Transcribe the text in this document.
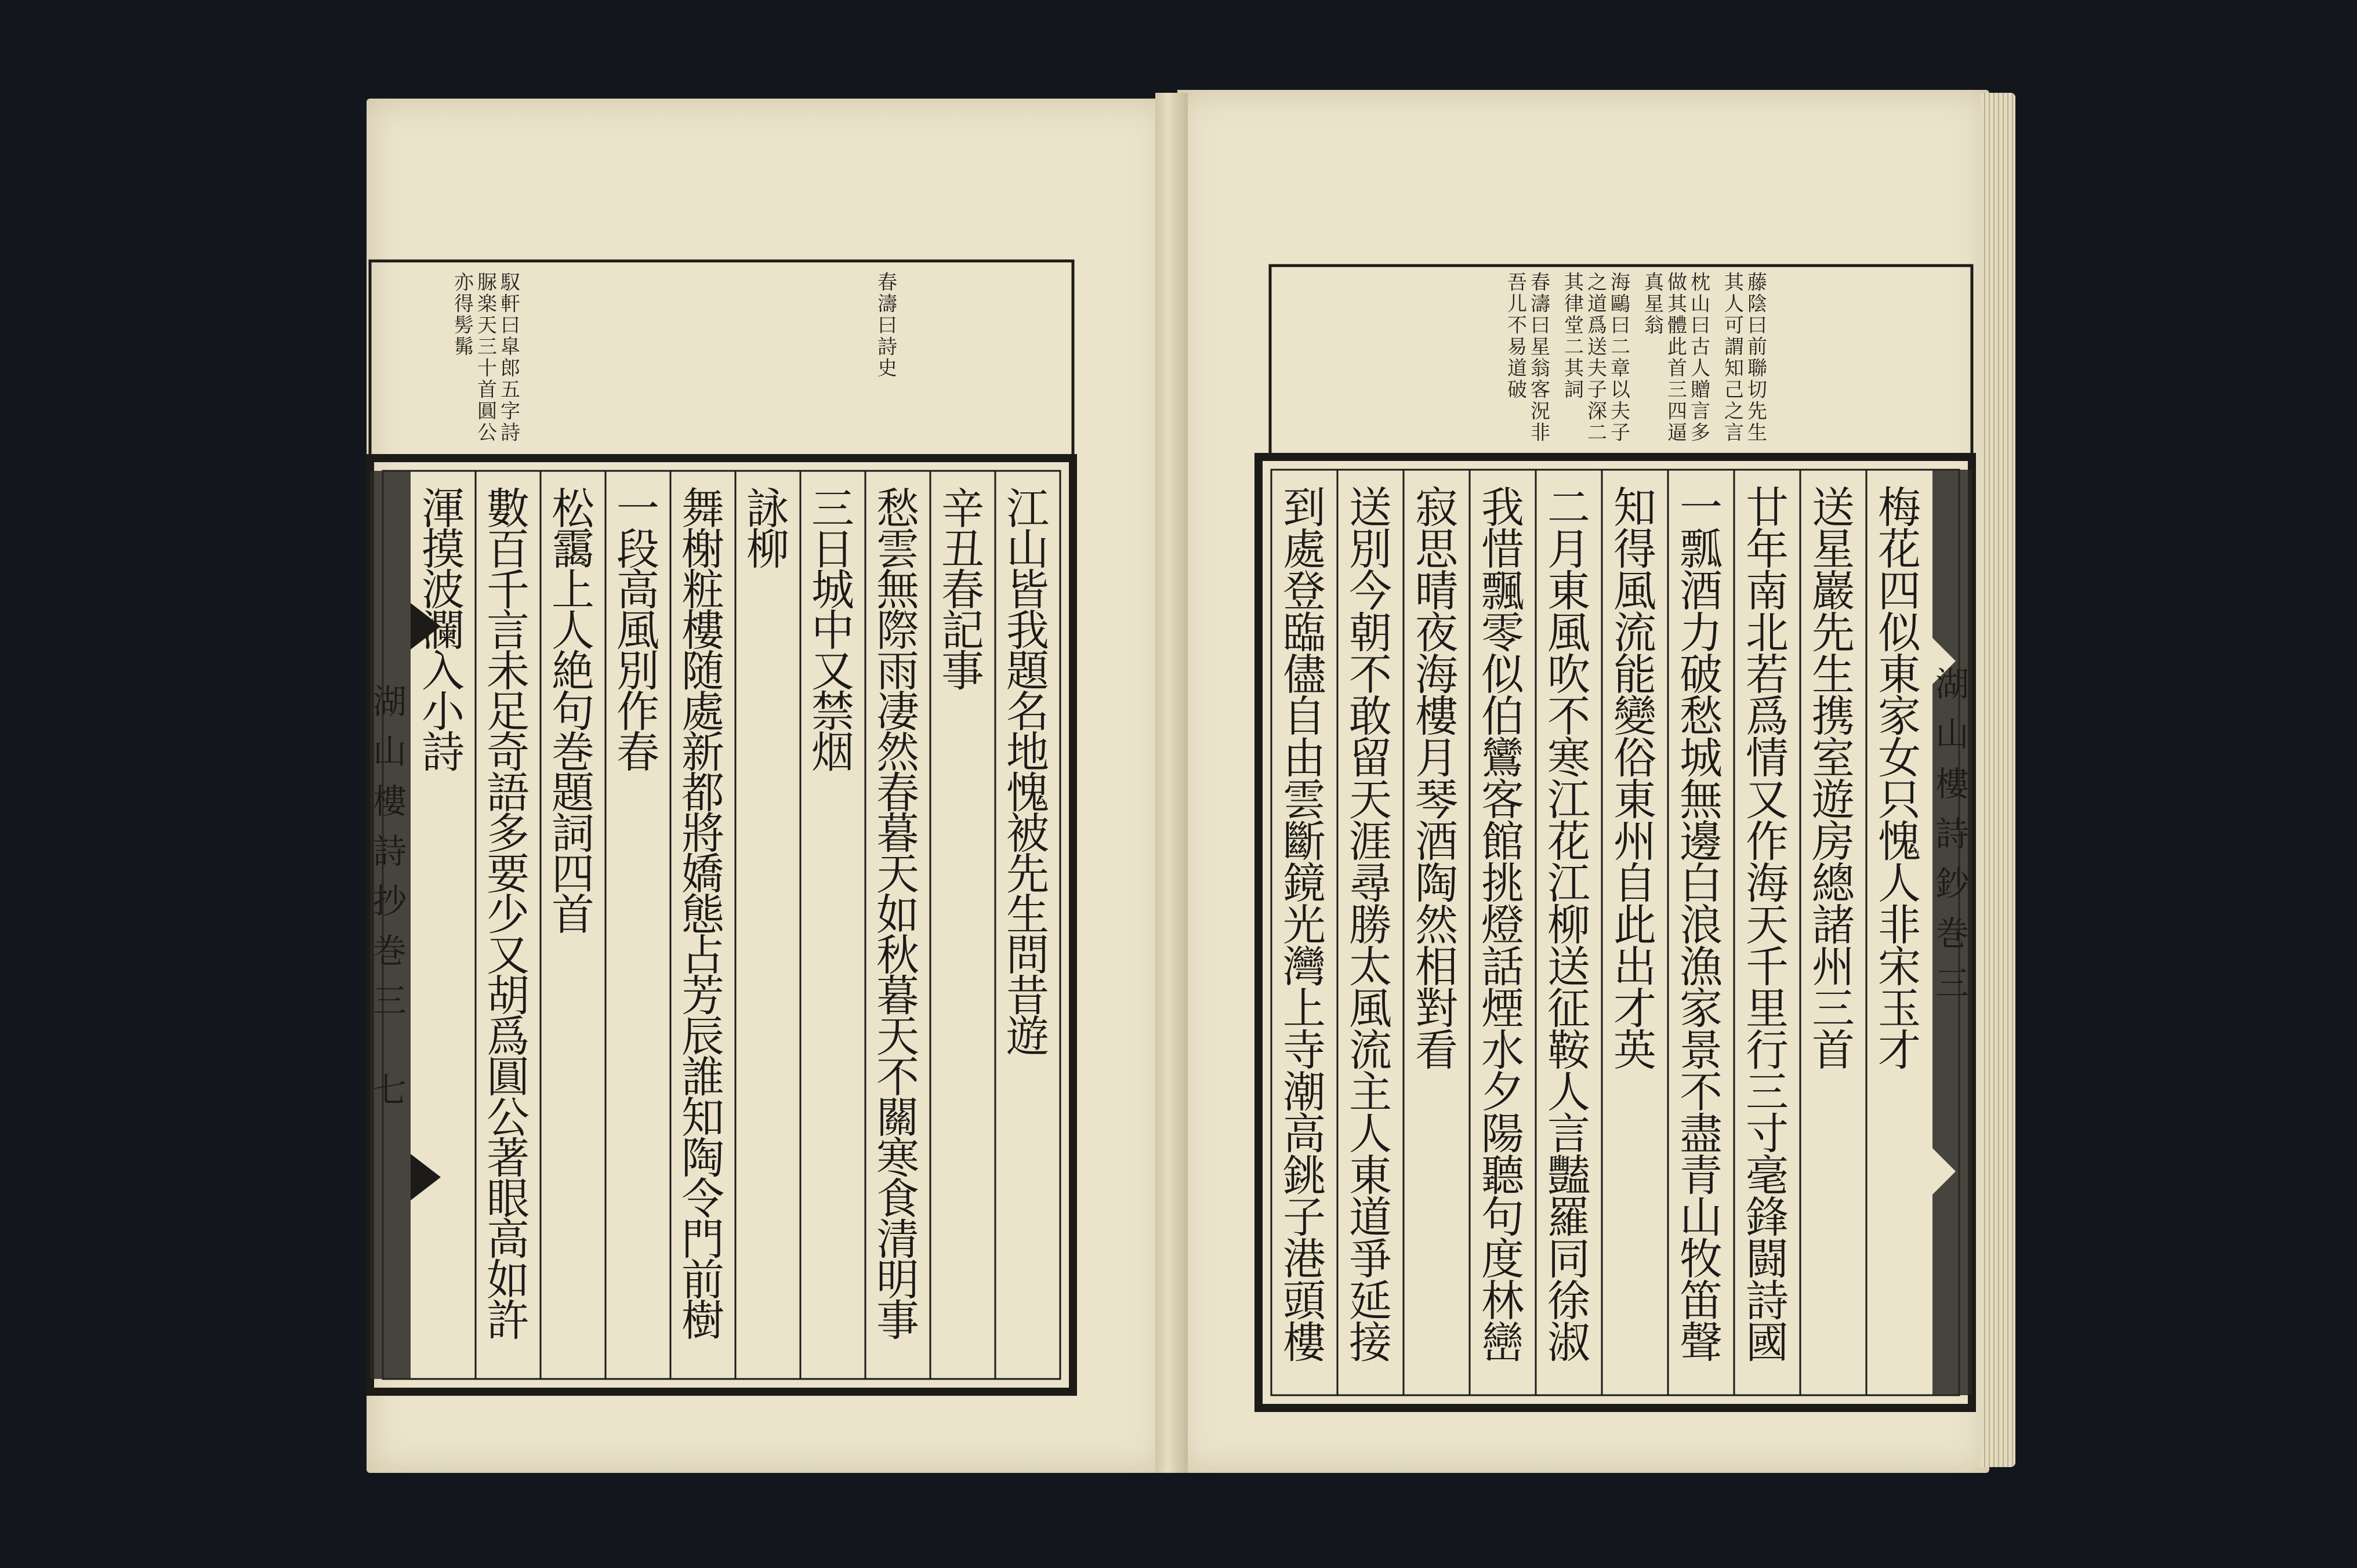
江
山
皆
我
題
名
地
愧
被
先
生
問
昔
遊
辛
丑
春
記
事
愁
雲
無
際
雨
凄
然
春
暮
天
如
秋
暮
天
不
關
寒
食
清
明
事
三
日
城
中
又
禁
烟
詠
柳
舞
榭
粧
樓
随
處
新
都
將
嬌
態
占
芳
辰
誰
知
陶
令
門
前
樹
一
段
高
風
別
作
春
松
靄
上
人
絶
句
巻
題
詞
四
首
數
百
千
言
未
足
奇
語
多
要
少
又
胡
爲
圓
公
著
眼
高
如
許
渾
摸
波
瀾
入
小
詩
馭
軒
曰
皐
郎
五
字
詩
脲
楽
天
三
十
首
圓
公
亦
得
髣
髴
春
濤
曰
詩
史
梅
花
四
似
東
家
女
只
愧
人
非
宋
玉
才
送
星
巖
先
生
携
室
遊
房
總
諸
州
三
首
廿
年
南
北
若
爲
情
又
作
海
天
千
里
行
三
寸
毫
鋒
闘
詩
國
一
瓢
酒
力
破
愁
城
無
邊
白
浪
漁
家
景
不
盡
青
山
牧
笛
聲
知
得
風
流
能
變
俗
東
州
自
此
出
才
英
二
月
東
風
吹
不
寒
江
花
江
柳
送
征
鞍
人
言
豔
羅
同
徐
淑
我
惜
飄
零
似
伯
鸞
客
館
挑
燈
話
煙
水
夕
陽
聽
句
度
林
巒
寂
思
晴
夜
海
樓
月
琴
酒
陶
然
相
對
看
送
別
今
朝
不
敢
留
天
涯
尋
勝
太
風
流
主
人
東
道
爭
延
接
到
處
登
臨
儘
自
由
雲
斷
鏡
光
灣
上
寺
潮
高
銚
子
港
頭
樓
藤
陰
曰
前
聯
切
先
生
其
人
可
謂
知
己
之
言
枕
山
曰
古
人
贈
言
多
做
其
體
此
首
三
四
逼
真
星
翁
海
鷗
曰
二
章
以
夫
子
之
道
爲
送
夫
子
深
二
其
律
堂
二
其
詞
春
濤
曰
星
翁
客
況
非
吾
儿
不
易
道
破
七
湖
山
樓
詩
抄
巻
三
湖
山
樓
詩
鈔
巻
三
